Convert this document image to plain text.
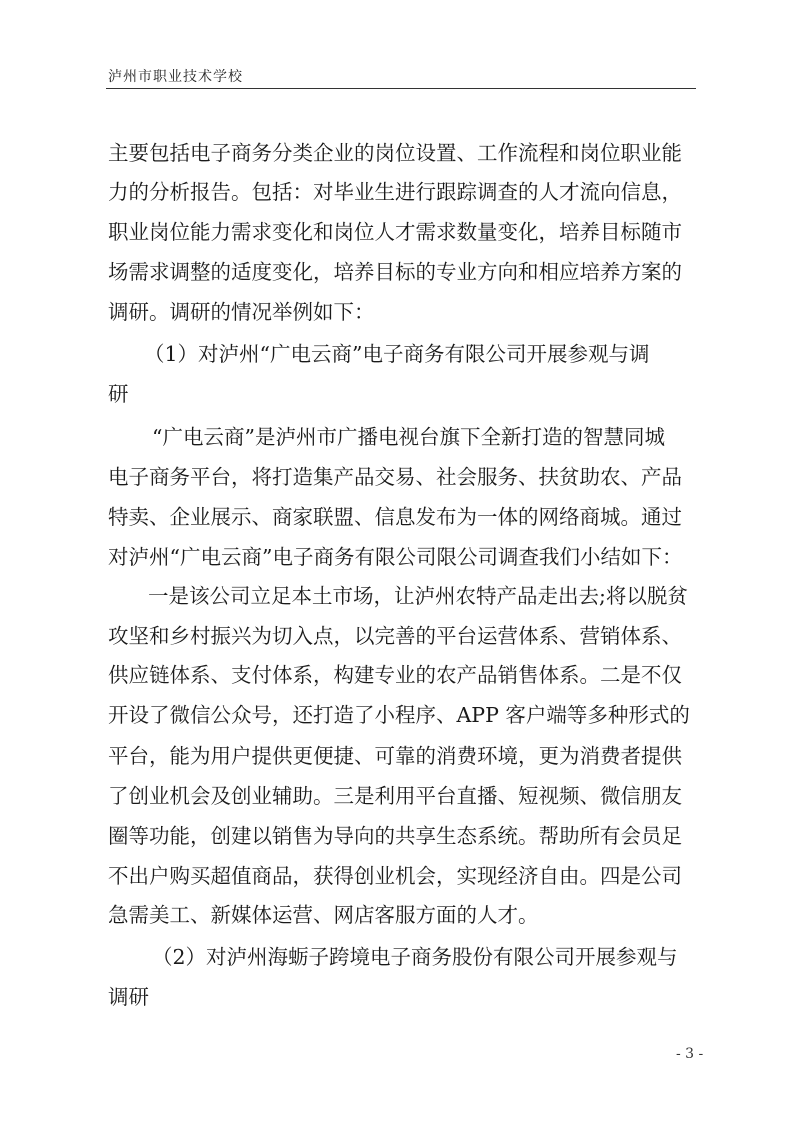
泸州市职业技术学校
主要包括电子商务分类企业的岗位设置、工作流程和岗位职业能
力的分析报告。包括：对毕业生进行跟踪调查的人才流向信息，
职业岗位能力需求变化和岗位人才需求数量变化，培养目标随市
场需求调整的适度变化，培养目标的专业方向和相应培养方案的
调研。调研的情况举例如下：
（1）对泸州“广电云商”电子商务有限公司开展参观与调
研
“广电云商”是泸州市广播电视台旗下全新打造的智慧同城
电子商务平台，将打造集产品交易、社会服务、扶贫助农、产品
特卖、企业展示、商家联盟、信息发布为一体的网络商城。通过
对泸州“广电云商”电子商务有限公司限公司调查我们小结如下：
一是该公司立足本土市场，让泸州农特产品走出去;将以脱贫
攻坚和乡村振兴为切入点，以完善的平台运营体系、营销体系、
供应链体系、支付体系，构建专业的农产品销售体系。二是不仅
开设了微信公众号，还打造了小程序、APP 客户端等多种形式的
平台，能为用户提供更便捷、可靠的消费环境，更为消费者提供
了创业机会及创业辅助。三是利用平台直播、短视频、微信朋友
圈等功能，创建以销售为导向的共享生态系统。帮助所有会员足
不出户购买超值商品，获得创业机会，实现经济自由。四是公司
急需美工、新媒体运营、网店客服方面的人才。
（2）对泸州海蛎子跨境电子商务股份有限公司开展参观与
调研
- 3 -
